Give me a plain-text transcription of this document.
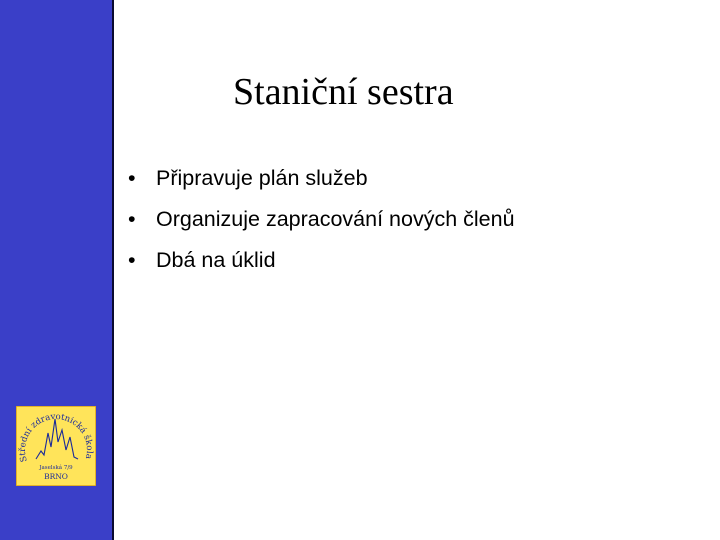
Střední zdravotnická škola
Jaselská 7/9
BRNO
Staniční sestra
• Připravuje plán služeb
• Organizuje zapracování nových členů
• Dbá na úklid
